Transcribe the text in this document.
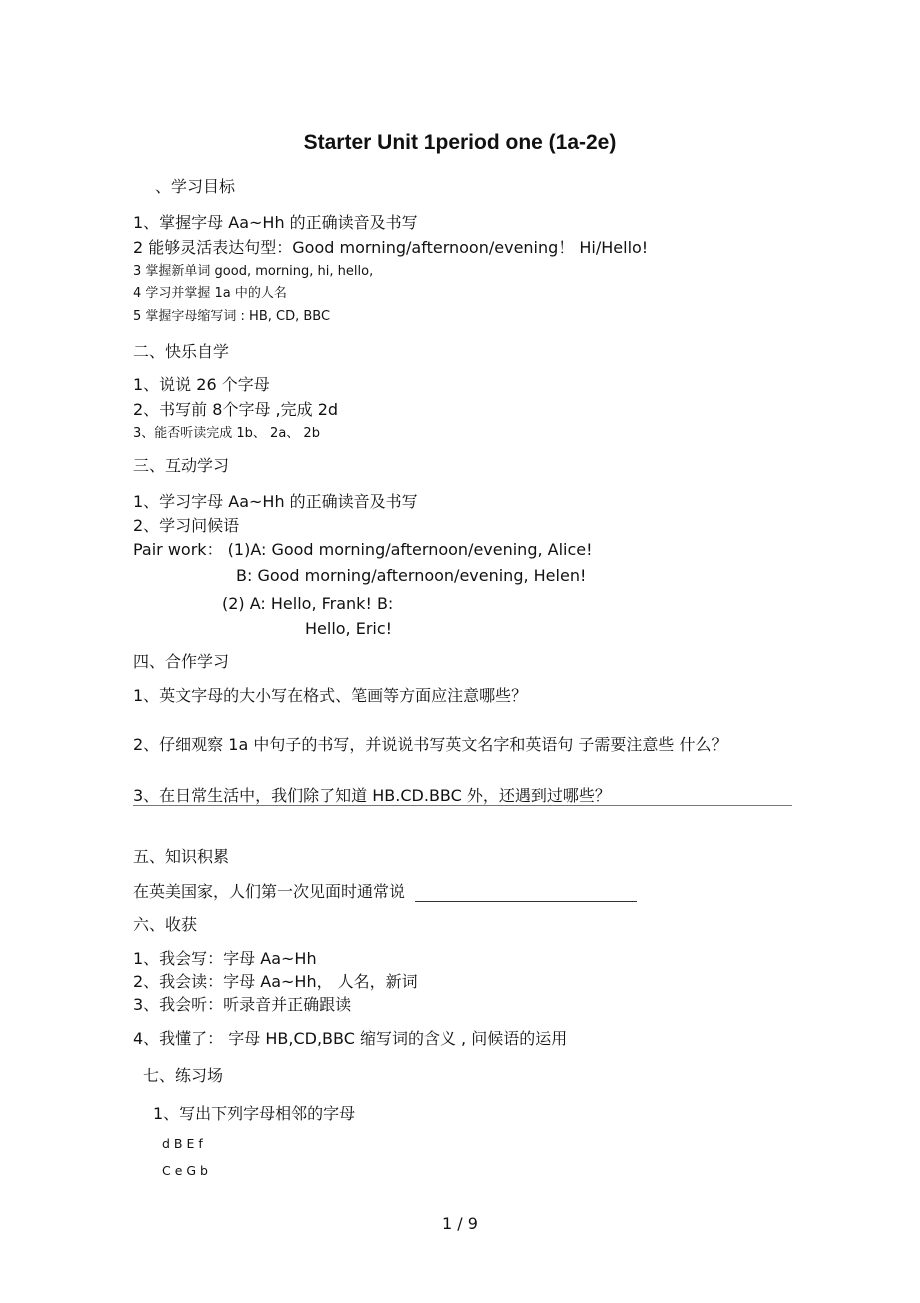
Starter Unit 1period one (1a-2e)
、学习目标
1、掌握字母 Aa~Hh 的正确读音及书写
2 能够灵活表达句型：Good morning/afternoon/evening！ Hi/Hello!
3 掌握新单词 good, morning, hi, hello,
4 学习并掌握 1a 中的人名
5 掌握字母缩写词 : HB, CD, BBC
二、快乐自学
1、说说 26 个字母
2、书写前 8个字母 ,完成 2d
3、能否听读完成 1b、 2a、 2b
三、互动学习
1、学习字母 Aa~Hh 的正确读音及书写
2、学习问候语
Pair work： (1)A: Good morning/afternoon/evening, Alice!
B: Good morning/afternoon/evening, Helen!
(2) A: Hello, Frank! B:
Hello, Eric!
四、合作学习
1、英文字母的大小写在格式、笔画等方面应注意哪些？
2、仔细观察 1a 中句子的书写，并说说书写英文名字和英语句 子需要注意些 什么？
3、在日常生活中，我们除了知道 HB.CD.BBC 外，还遇到过哪些？
五、知识积累
在英美国家，人们第一次见面时通常说
六、收获
1、我会写：字母 Aa~Hh
2、我会读：字母 Aa~Hh， 人名，新词
3、我会听：听录音并正确跟读
4、我懂了： 字母 HB,CD,BBC 缩写词的含义 , 问候语的运用
七、练习场
1、写出下列字母相邻的字母
d B E f
C e G b
1 / 9
